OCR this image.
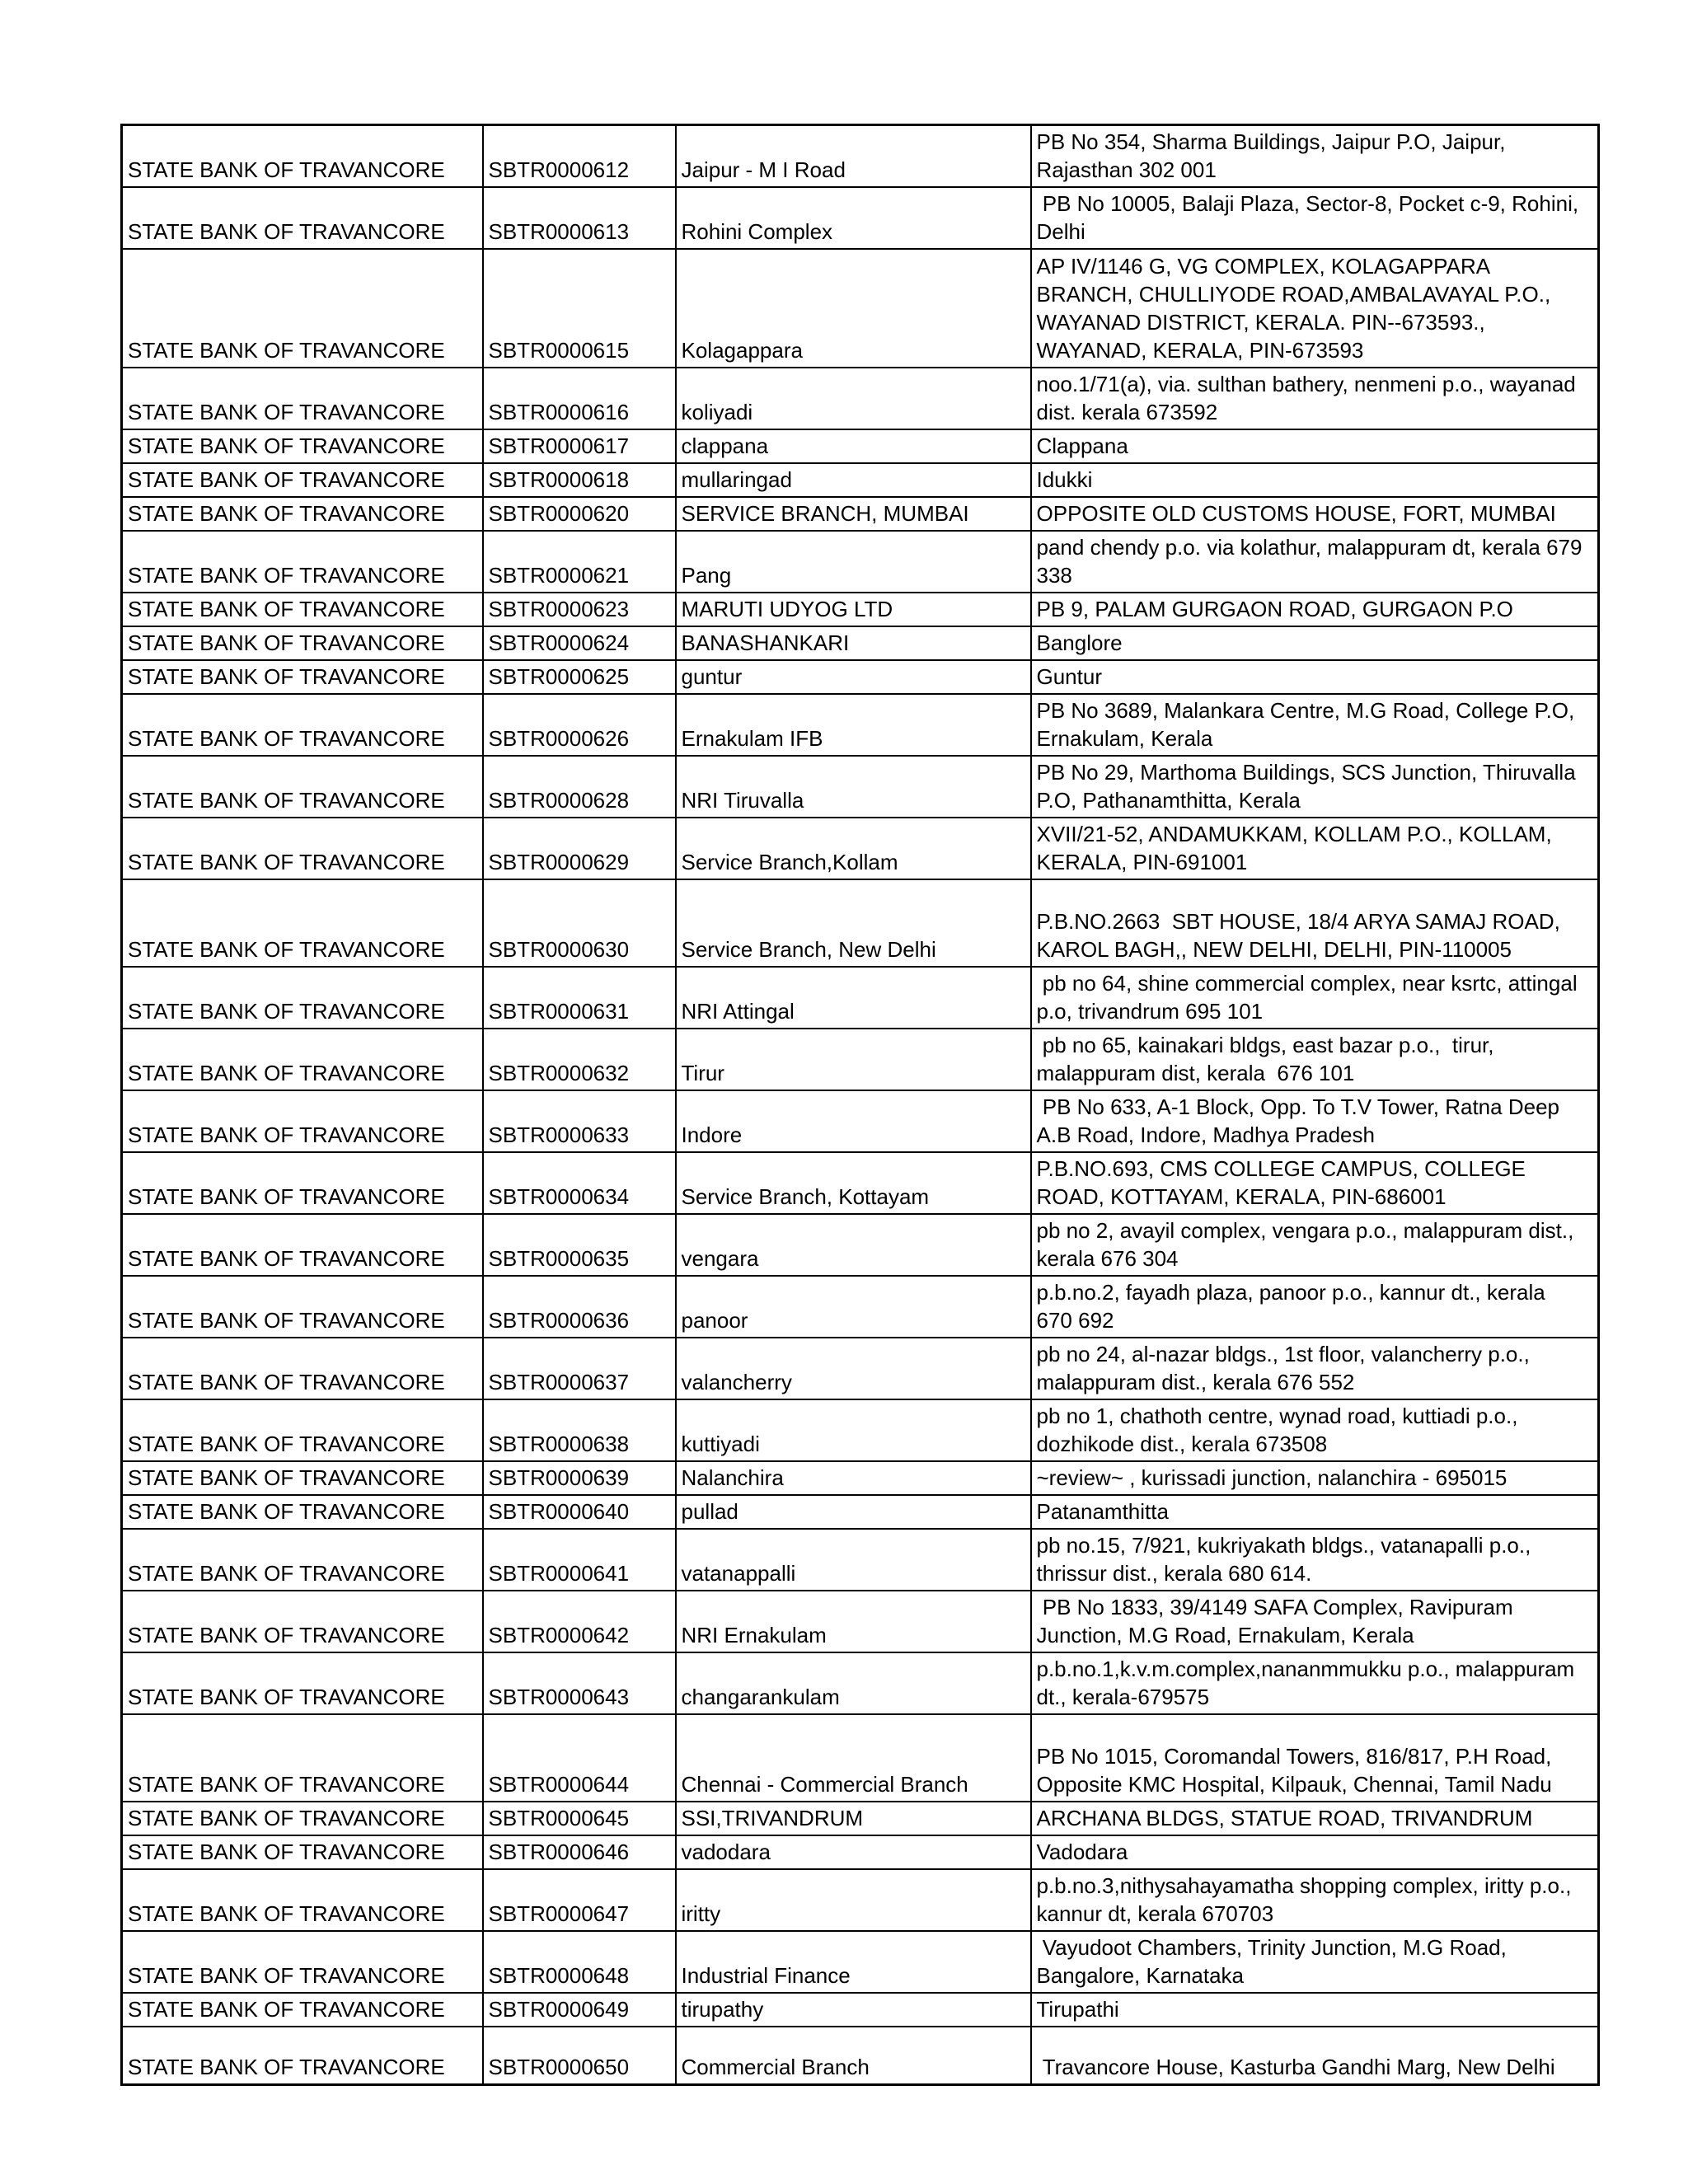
STATE BANK OF TRAVANCORE	SBTR0000612	Jaipur - M I Road	PB No 354, Sharma Buildings, Jaipur P.O, Jaipur,
Rajasthan 302 001
STATE BANK OF TRAVANCORE	SBTR0000613	Rohini Complex	PB No 10005, Balaji Plaza, Sector-8, Pocket c-9, Rohini,
Delhi
STATE BANK OF TRAVANCORE	SBTR0000615	Kolagappara	AP IV/1146 G, VG COMPLEX, KOLAGAPPARA
BRANCH, CHULLIYODE ROAD,AMBALAVAYAL P.O.,
WAYANAD DISTRICT, KERALA. PIN--673593.,
WAYANAD, KERALA, PIN-673593
STATE BANK OF TRAVANCORE	SBTR0000616	koliyadi	noo.1/71(a), via. sulthan bathery, nenmeni p.o., wayanad
dist. kerala 673592
STATE BANK OF TRAVANCORE	SBTR0000617	clappana	Clappana
STATE BANK OF TRAVANCORE	SBTR0000618	mullaringad	Idukki
STATE BANK OF TRAVANCORE	SBTR0000620	SERVICE BRANCH, MUMBAI	OPPOSITE OLD CUSTOMS HOUSE, FORT, MUMBAI
STATE BANK OF TRAVANCORE	SBTR0000621	Pang	pand chendy p.o. via kolathur, malappuram dt, kerala 679
338
STATE BANK OF TRAVANCORE	SBTR0000623	MARUTI UDYOG LTD	PB 9, PALAM GURGAON ROAD, GURGAON P.O
STATE BANK OF TRAVANCORE	SBTR0000624	BANASHANKARI	Banglore
STATE BANK OF TRAVANCORE	SBTR0000625	guntur	Guntur
STATE BANK OF TRAVANCORE	SBTR0000626	Ernakulam IFB	PB No 3689, Malankara Centre, M.G Road, College P.O,
Ernakulam, Kerala
STATE BANK OF TRAVANCORE	SBTR0000628	NRI Tiruvalla	PB No 29, Marthoma Buildings, SCS Junction, Thiruvalla
P.O, Pathanamthitta, Kerala
STATE BANK OF TRAVANCORE	SBTR0000629	Service Branch,Kollam	XVII/21-52, ANDAMUKKAM, KOLLAM P.O., KOLLAM,
KERALA, PIN-691001
STATE BANK OF TRAVANCORE	SBTR0000630	Service Branch, New Delhi	P.B.NO.2663  SBT HOUSE, 18/4 ARYA SAMAJ ROAD,
KAROL BAGH,, NEW DELHI, DELHI, PIN-110005
STATE BANK OF TRAVANCORE	SBTR0000631	NRI Attingal	pb no 64, shine commercial complex, near ksrtc, attingal
p.o, trivandrum 695 101
STATE BANK OF TRAVANCORE	SBTR0000632	Tirur	pb no 65, kainakari bldgs, east bazar p.o.,  tirur,
malappuram dist, kerala  676 101
STATE BANK OF TRAVANCORE	SBTR0000633	Indore	PB No 633, A-1 Block, Opp. To T.V Tower, Ratna Deep
A.B Road, Indore, Madhya Pradesh
STATE BANK OF TRAVANCORE	SBTR0000634	Service Branch, Kottayam	P.B.NO.693, CMS COLLEGE CAMPUS, COLLEGE
ROAD, KOTTAYAM, KERALA, PIN-686001
STATE BANK OF TRAVANCORE	SBTR0000635	vengara	pb no 2, avayil complex, vengara p.o., malappuram dist.,
kerala 676 304
STATE BANK OF TRAVANCORE	SBTR0000636	panoor	p.b.no.2, fayadh plaza, panoor p.o., kannur dt., kerala
670 692
STATE BANK OF TRAVANCORE	SBTR0000637	valancherry	pb no 24, al-nazar bldgs., 1st floor, valancherry p.o.,
malappuram dist., kerala 676 552
STATE BANK OF TRAVANCORE	SBTR0000638	kuttiyadi	pb no 1, chathoth centre, wynad road, kuttiadi p.o.,
dozhikode dist., kerala 673508
STATE BANK OF TRAVANCORE	SBTR0000639	Nalanchira	~review~ , kurissadi junction, nalanchira - 695015
STATE BANK OF TRAVANCORE	SBTR0000640	pullad	Patanamthitta
STATE BANK OF TRAVANCORE	SBTR0000641	vatanappalli	pb no.15, 7/921, kukriyakath bldgs., vatanapalli p.o.,
thrissur dist., kerala 680 614.
STATE BANK OF TRAVANCORE	SBTR0000642	NRI Ernakulam	PB No 1833, 39/4149 SAFA Complex, Ravipuram
Junction, M.G Road, Ernakulam, Kerala
STATE BANK OF TRAVANCORE	SBTR0000643	changarankulam	p.b.no.1,k.v.m.complex,nananmmukku p.o., malappuram
dt., kerala-679575
STATE BANK OF TRAVANCORE	SBTR0000644	Chennai - Commercial Branch	PB No 1015, Coromandal Towers, 816/817, P.H Road,
Opposite KMC Hospital, Kilpauk, Chennai, Tamil Nadu
STATE BANK OF TRAVANCORE	SBTR0000645	SSI,TRIVANDRUM	ARCHANA BLDGS, STATUE ROAD, TRIVANDRUM
STATE BANK OF TRAVANCORE	SBTR0000646	vadodara	Vadodara
STATE BANK OF TRAVANCORE	SBTR0000647	iritty	p.b.no.3,nithysahayamatha shopping complex, iritty p.o.,
kannur dt, kerala 670703
STATE BANK OF TRAVANCORE	SBTR0000648	Industrial Finance	Vayudoot Chambers, Trinity Junction, M.G Road,
Bangalore, Karnataka
STATE BANK OF TRAVANCORE	SBTR0000649	tirupathy	Tirupathi
STATE BANK OF TRAVANCORE	SBTR0000650	Commercial Branch	Travancore House, Kasturba Gandhi Marg, New Delhi
